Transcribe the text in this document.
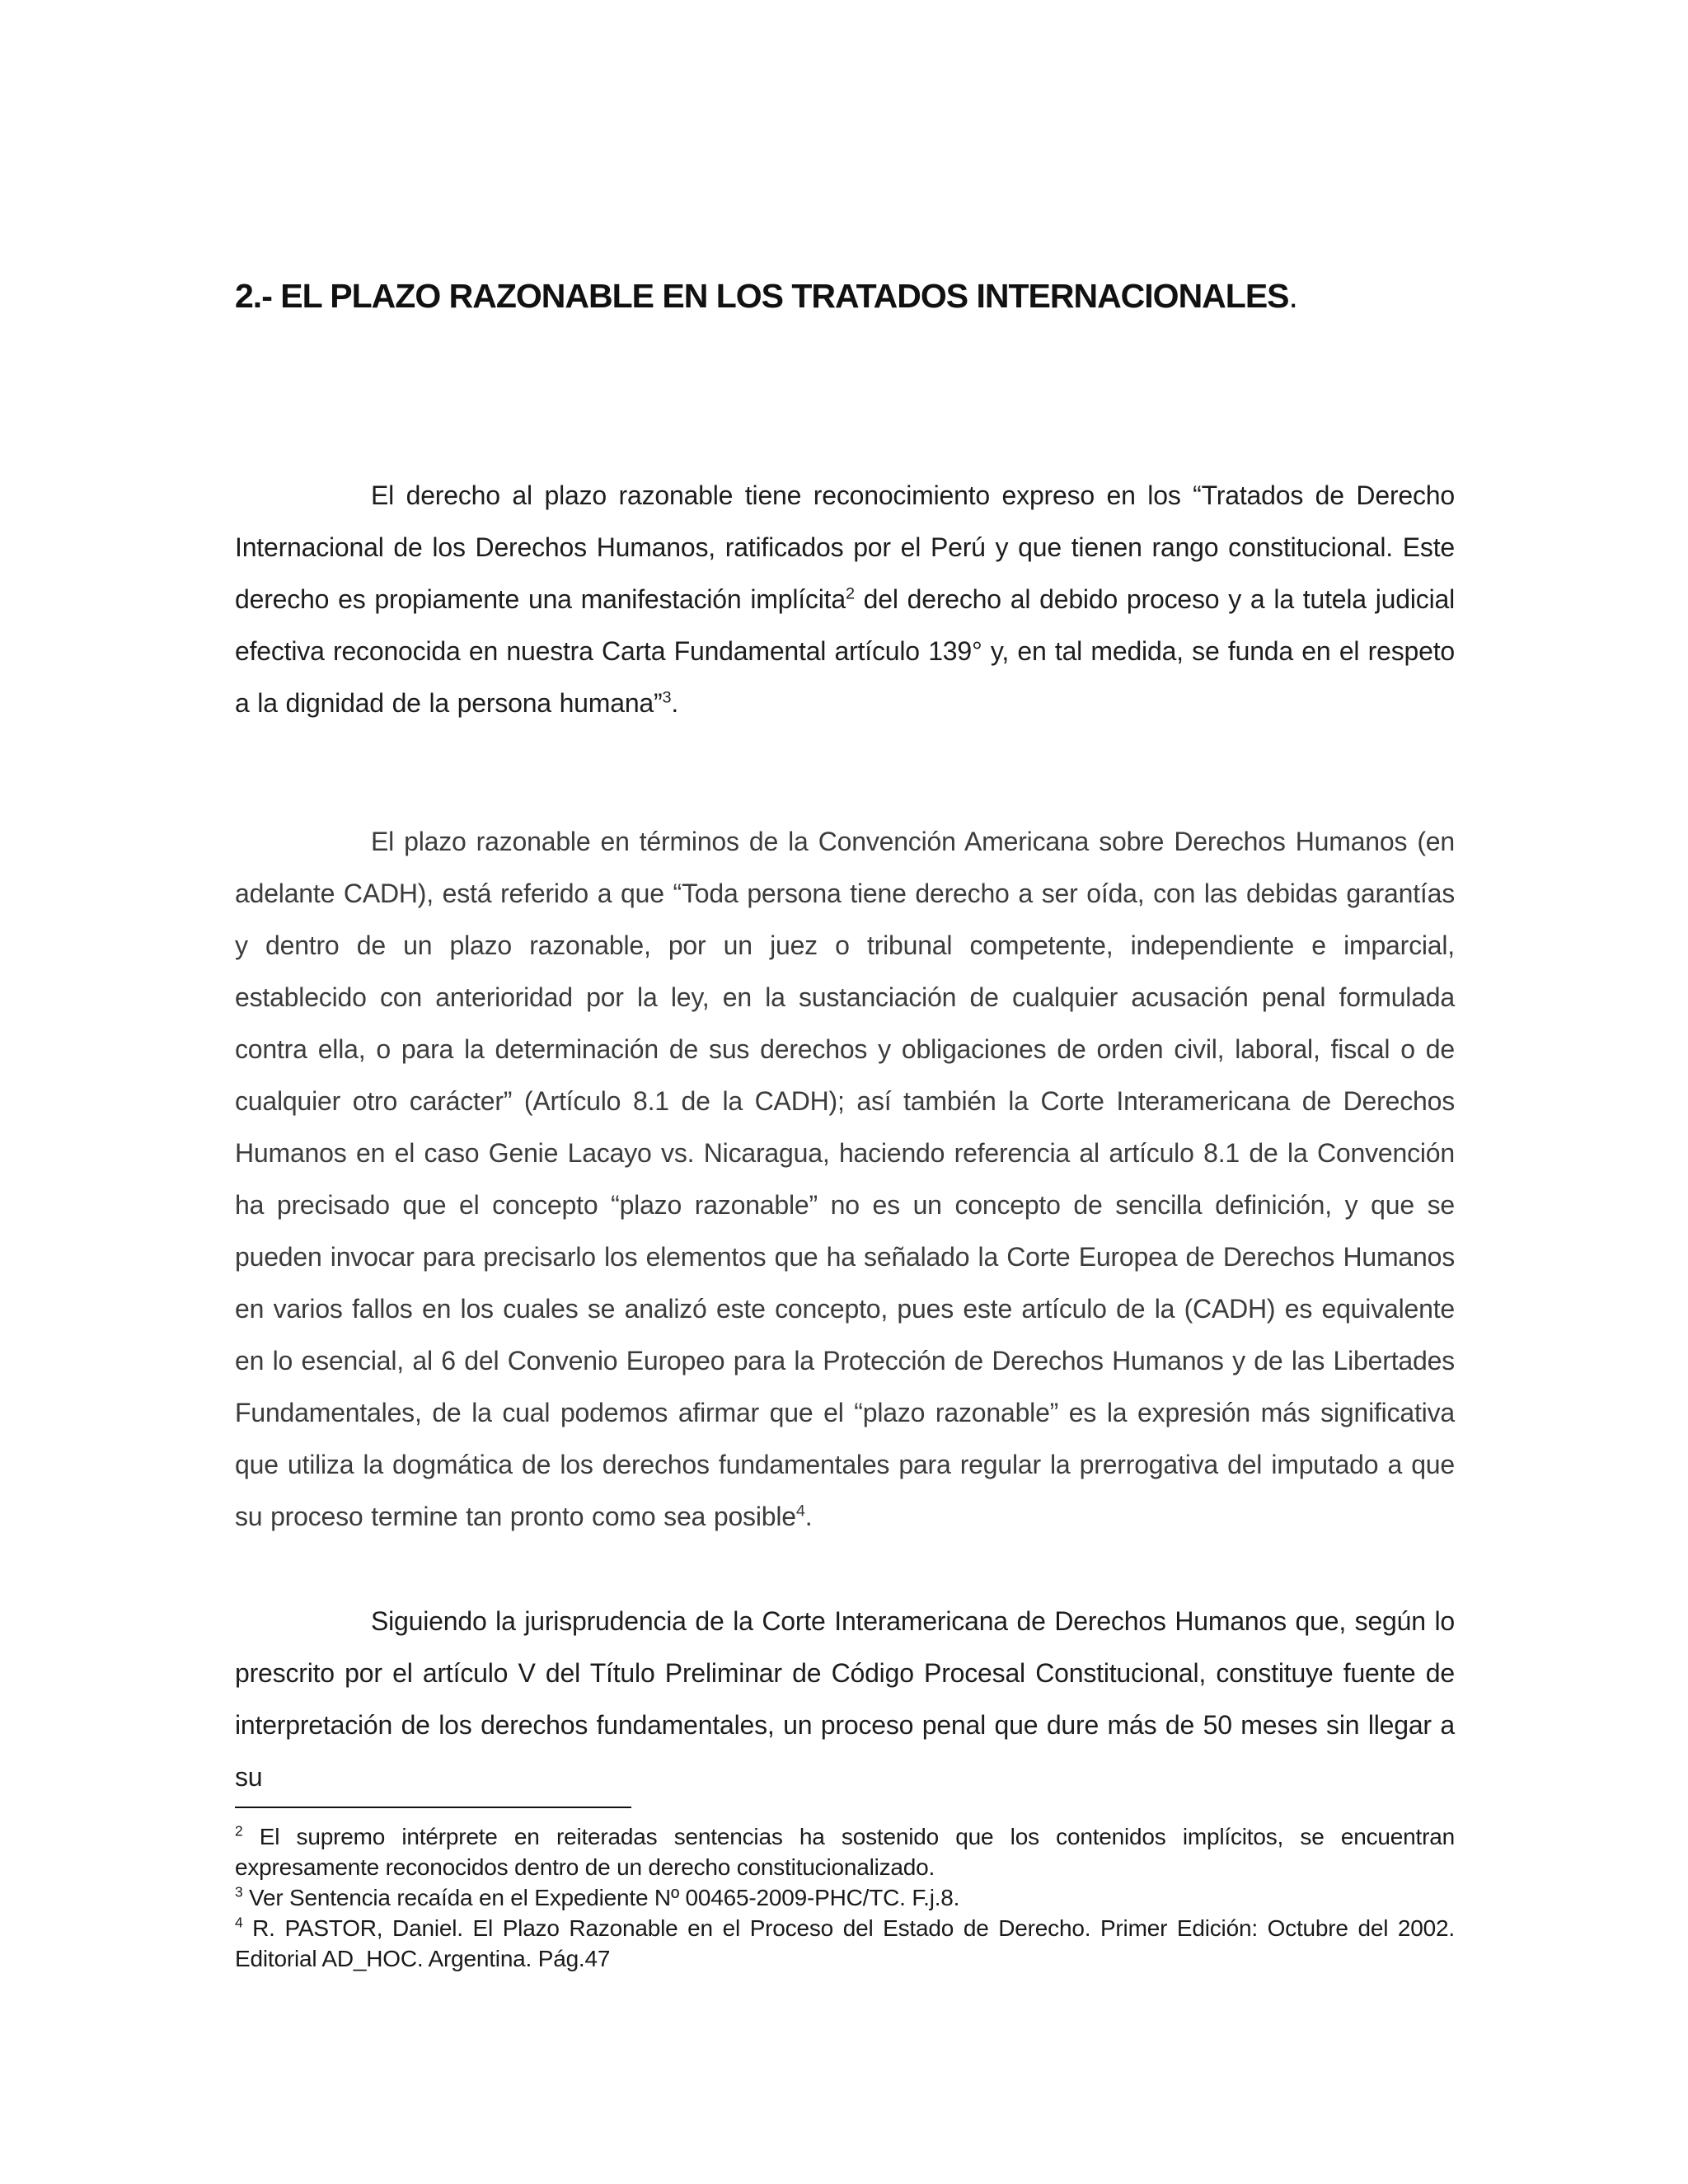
2.- EL PLAZO RAZONABLE EN LOS TRATADOS INTERNACIONALES.

El derecho al plazo razonable tiene reconocimiento expreso en los “Tratados de Derecho Internacional de los Derechos Humanos, ratificados por el Perú y que tienen rango constitucional. Este derecho es propiamente una manifestación implícita$^2$ del derecho al debido proceso y a la tutela judicial efectiva reconocida en nuestra Carta Fundamental artículo 139° y, en tal medida, se funda en el respeto a la dignidad de la persona humana”$^3$.

El plazo razonable en términos de la Convención Americana sobre Derechos Humanos (en adelante CADH), está referido a que “Toda persona tiene derecho a ser oída, con las debidas garantías y dentro de un plazo razonable, por un juez o tribunal competente, independiente e imparcial, establecido con anterioridad por la ley, en la sustanciación de cualquier acusación penal formulada contra ella, o para la determinación de sus derechos y obligaciones de orden civil, laboral, fiscal o de cualquier otro carácter” (Artículo 8.1 de la CADH); así también la Corte Interamericana de Derechos Humanos en el caso Genie Lacayo vs. Nicaragua, haciendo referencia al artículo 8.1 de la Convención ha precisado que el concepto “plazo razonable” no es un concepto de sencilla definición, y que se pueden invocar para precisarlo los elementos que ha señalado la Corte Europea de Derechos Humanos en varios fallos en los cuales se analizó este concepto, pues este artículo de la (CADH) es equivalente en lo esencial, al 6 del Convenio Europeo para la Protección de Derechos Humanos y de las Libertades Fundamentales, de la cual podemos afirmar que el “plazo razonable” es la expresión más significativa que utiliza la dogmática de los derechos fundamentales para regular la prerrogativa del imputado a que su proceso termine tan pronto como sea posible$^4$.

Siguiendo la jurisprudencia de la Corte Interamericana de Derechos Humanos que, según lo prescrito por el artículo V del Título Preliminar de Código Procesal Constitucional, constituye fuente de interpretación de los derechos fundamentales, un proceso penal que dure más de 50 meses sin llegar a su

$^2$ El supremo intérprete en reiteradas sentencias ha sostenido que los contenidos implícitos, se encuentran expresamente reconocidos dentro de un derecho constitucionalizado.

$^3$ Ver Sentencia recaída en el Expediente Nº 00465-2009-PHC/TC. F.j.8.

$^4$ R. PASTOR, Daniel. El Plazo Razonable en el Proceso del Estado de Derecho. Primer Edición: Octubre del 2002. Editorial AD_HOC. Argentina. Pág.47
